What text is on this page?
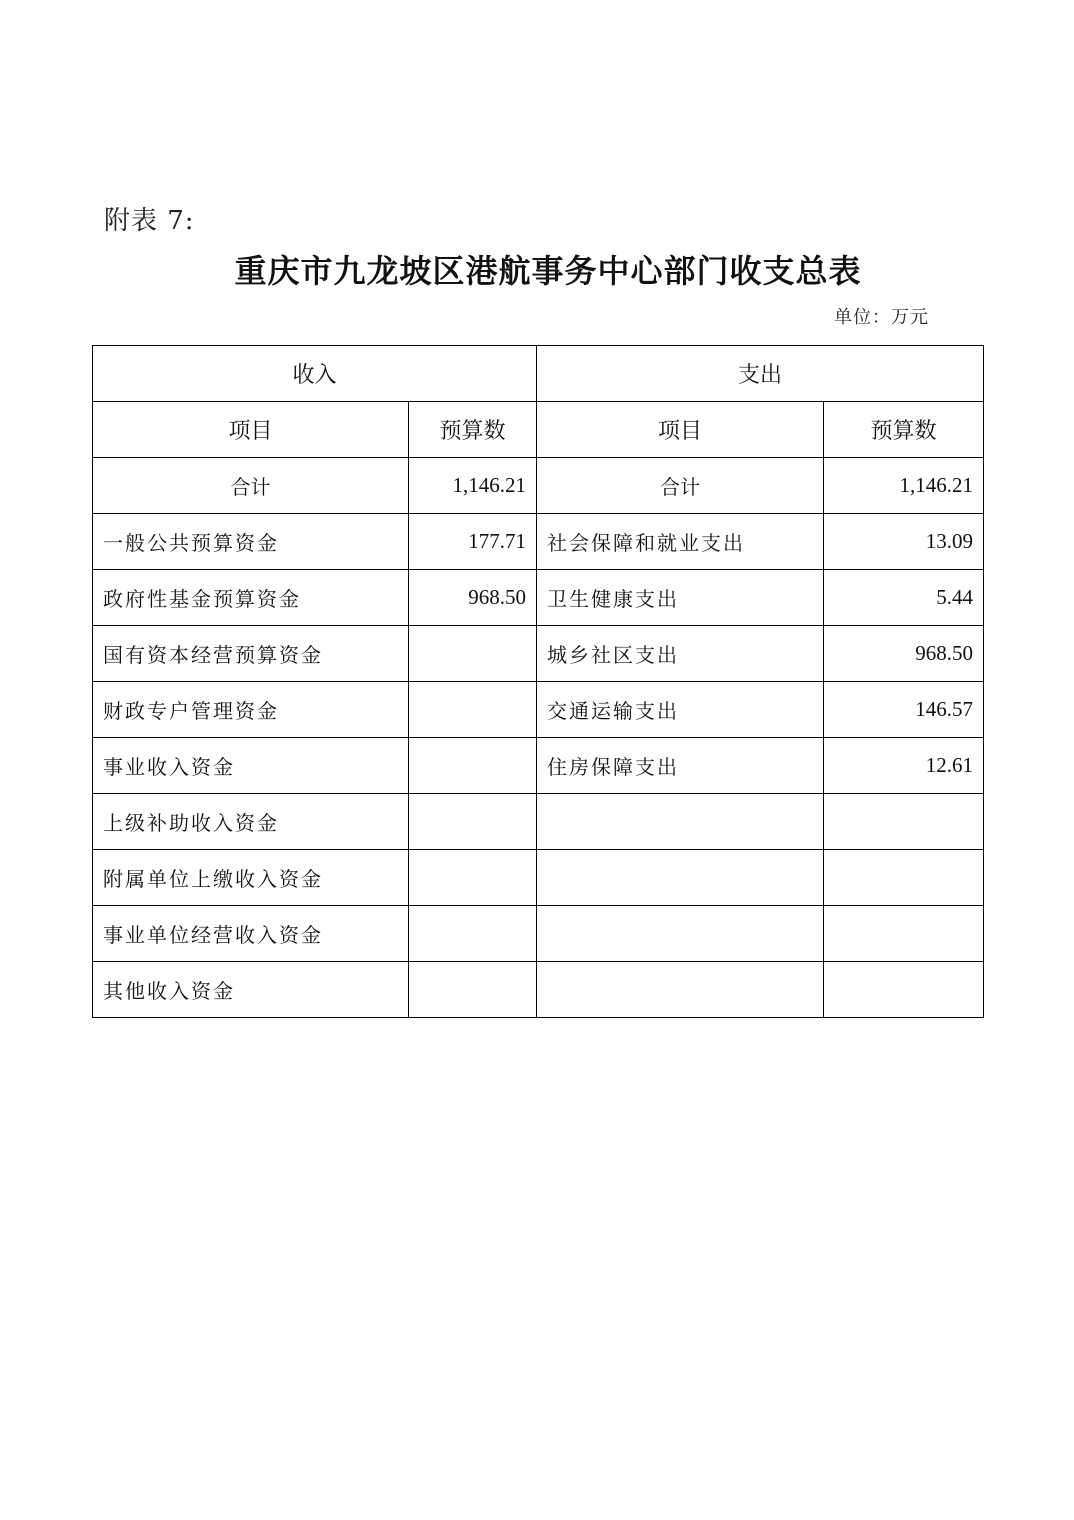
附表 7:
重庆市九龙坡区港航事务中心部门收支总表
单位：万元
收入		支出	
项目	预算数	项目	预算数
合计	1,146.21	合计	1,146.21
一般公共预算资金	177.71	社会保障和就业支出	13.09
政府性基金预算资金	968.50	卫生健康支出	5.44
国有资本经营预算资金		城乡社区支出	968.50
财政专户管理资金		交通运输支出	146.57
事业收入资金		住房保障支出	12.61
上级补助收入资金			
附属单位上缴收入资金			
事业单位经营收入资金			
其他收入资金			
